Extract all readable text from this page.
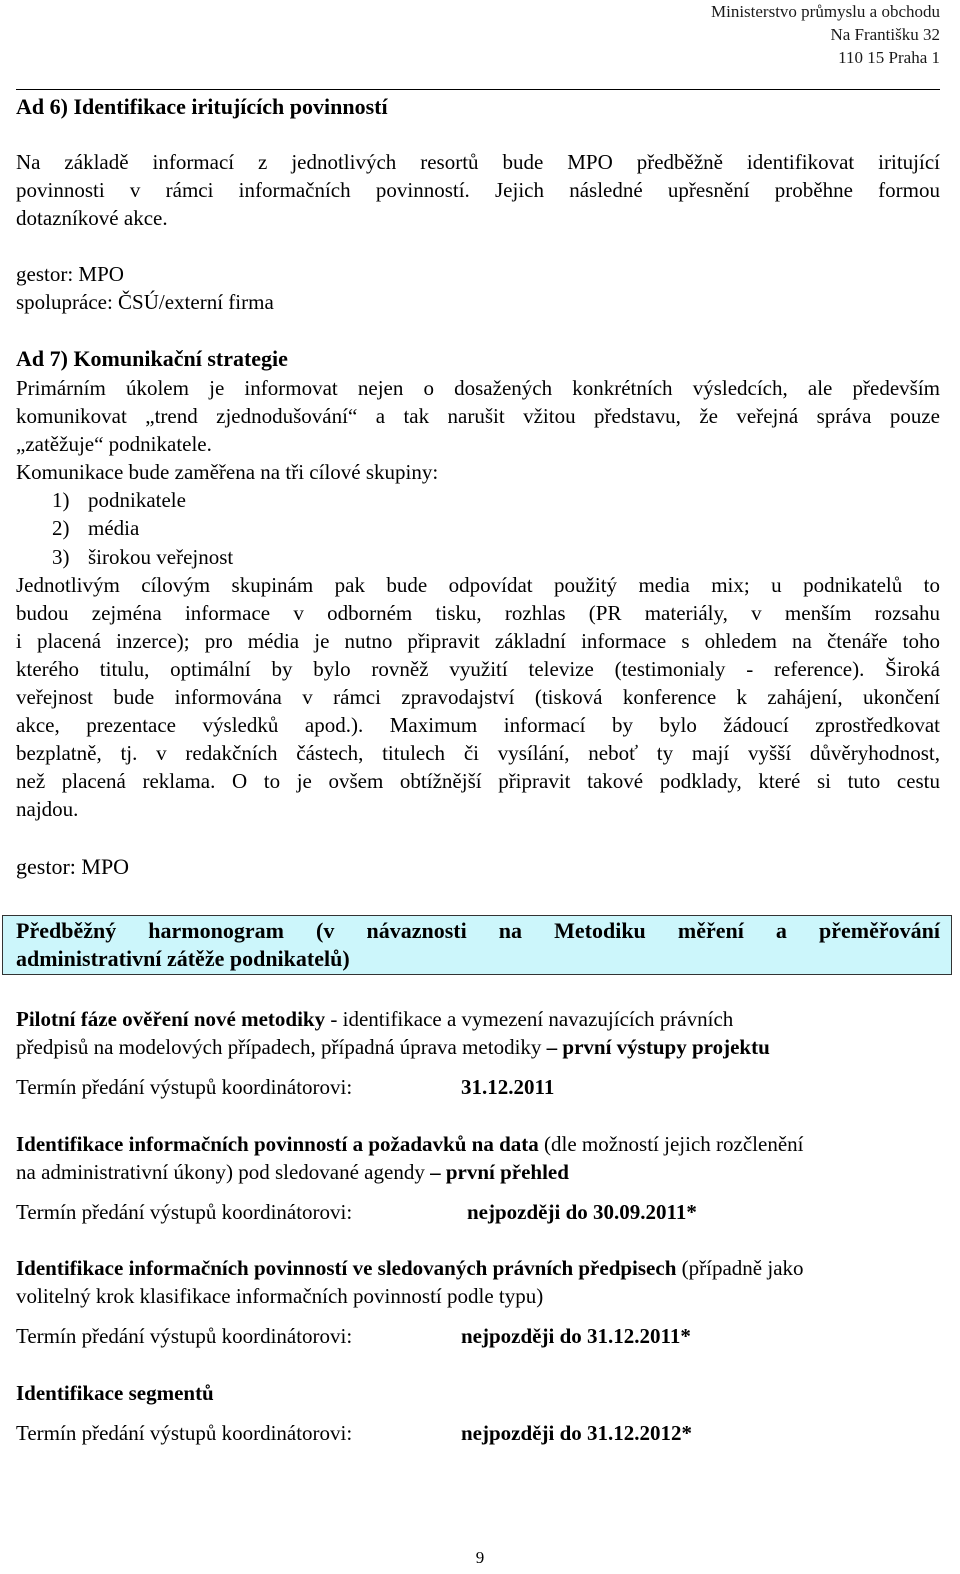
Ministerstvo průmyslu a obchodu
Na Františku 32
110 15 Praha 1
Ad 6) Identifikace iritujících povinností
Na základě informací z jednotlivých resortů bude MPO předběžně identifikovat iritující
povinnosti v rámci informačních povinností. Jejich následné upřesnění proběhne formou
dotazníkové akce.
gestor: MPO
spolupráce: ČSÚ/externí firma
Ad 7) Komunikační strategie
Primárním úkolem je informovat nejen o dosažených konkrétních výsledcích, ale především
komunikovat „trend zjednodušování“ a tak narušit vžitou představu, že veřejná správa pouze
„zatěžuje“ podnikatele.
Komunikace bude zaměřena na tři cílové skupiny:
1) podnikatele
2) média
3) širokou veřejnost
Jednotlivým cílovým skupinám pak bude odpovídat použitý media mix; u podnikatelů to
budou zejména informace v odborném tisku, rozhlas (PR materiály, v menším rozsahu
i placená inzerce); pro média je nutno připravit základní informace s ohledem na čtenáře toho
kterého titulu, optimální by bylo rovněž využití televize (testimonialy - reference). Široká
veřejnost bude informována v rámci zpravodajství (tisková konference k zahájení, ukončení
akce, prezentace výsledků apod.). Maximum informací by bylo žádoucí zprostředkovat
bezplatně, tj. v redakčních částech, titulech či vysílání, neboť ty mají vyšší důvěryhodnost,
než placená reklama. O to je ovšem obtížnější připravit takové podklady, které si tuto cestu
najdou.
gestor: MPO
Předběžný harmonogram (v návaznosti na Metodiku měření a přeměřování
administrativní zátěže podnikatelů)
Pilotní fáze ověření nové metodiky - identifikace a vymezení navazujících právních
předpisů na modelových případech, případná úprava metodiky – první výstupy projektu
Termín předání výstupů koordinátorovi:	31.12.2011
Identifikace informačních povinností a požadavků na data (dle možností jejich rozčlenění
na administrativní úkony) pod sledované agendy – první přehled
Termín předání výstupů koordinátorovi:	nejpozději do 30.09.2011*
Identifikace informačních povinností ve sledovaných právních předpisech (případně jako
volitelný krok klasifikace informačních povinností podle typu)
Termín předání výstupů koordinátorovi:	nejpozději do 31.12.2011*
Identifikace segmentů
Termín předání výstupů koordinátorovi:	nejpozději do 31.12.2012*
9
